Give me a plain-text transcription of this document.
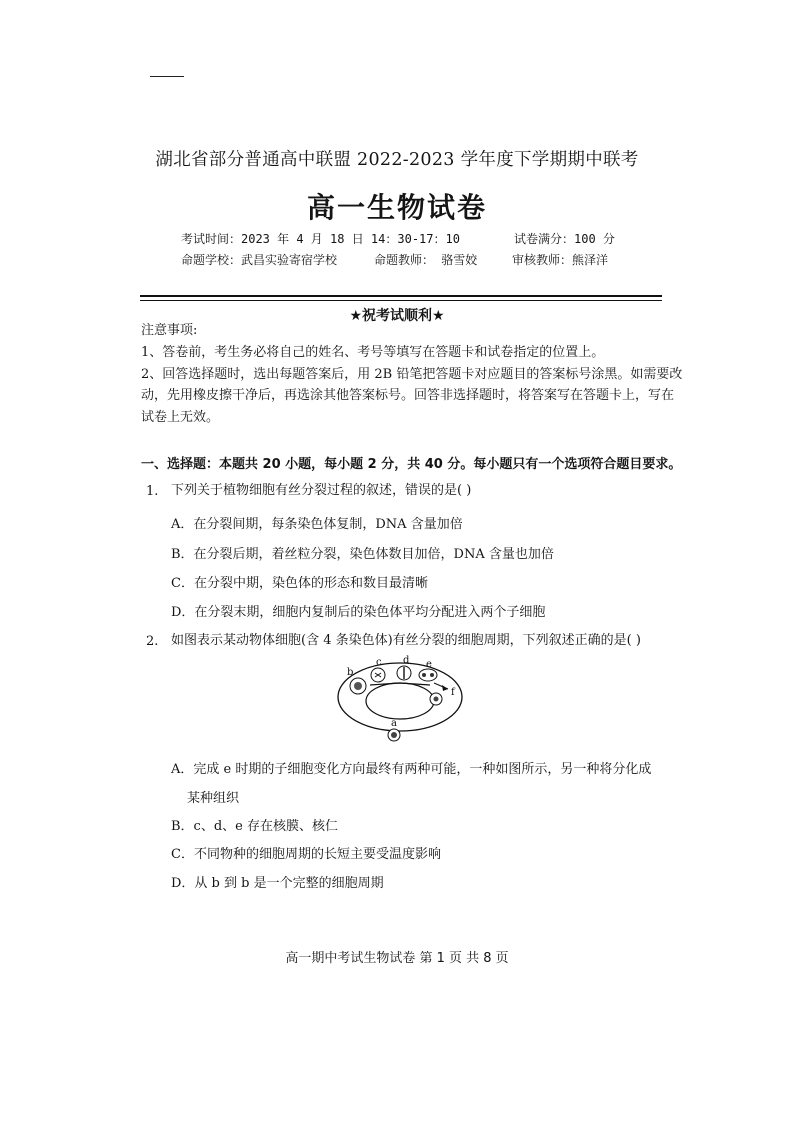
湖北省部分普通高中联盟 2022-2023 学年度下学期期中联考
高一生物试卷
考试时间：2023 年 4 月 18 日 14：30-17：10	试卷满分：100 分
命题学校：武昌实验寄宿学校	命题教师： 骆雪姣	审核教师：熊泽洋
★祝考试顺利★
注意事项:
1、答卷前，考生务必将自己的姓名、考号等填写在答题卡和试卷指定的位置上。
2、回答选择题时，选出每题答案后，用 2B 铅笔把答题卡对应题目的答案标号涂黑。如需要改
动，先用橡皮擦干净后，再选涂其他答案标号。回答非选择题时，将答案写在答题卡上，写在
试卷上无效。
一、选择题：本题共 20 小题，每小题 2 分，共 40 分。每小题只有一个选项符合题目要求。
1. 下列关于植物细胞有丝分裂过程的叙述，错误的是( )
A．在分裂间期，每条染色体复制，DNA 含量加倍
B．在分裂后期，着丝粒分裂，染色体数目加倍，DNA 含量也加倍
C．在分裂中期，染色体的形态和数目最清晰
D．在分裂末期，细胞内复制后的染色体平均分配进入两个子细胞
2. 如图表示某动物体细胞(含 4 条染色体)有丝分裂的细胞周期，下列叙述正确的是( )
b
c d e
f
a
A．完成 e 时期的子细胞变化方向最终有两种可能，一种如图所示，另一种将分化成
某种组织
B．c、d、e 存在核膜、核仁
C．不同物种的细胞周期的长短主要受温度影响
D．从 b 到 b 是一个完整的细胞周期
高一期中考试生物试卷 第 1 页 共 8 页
